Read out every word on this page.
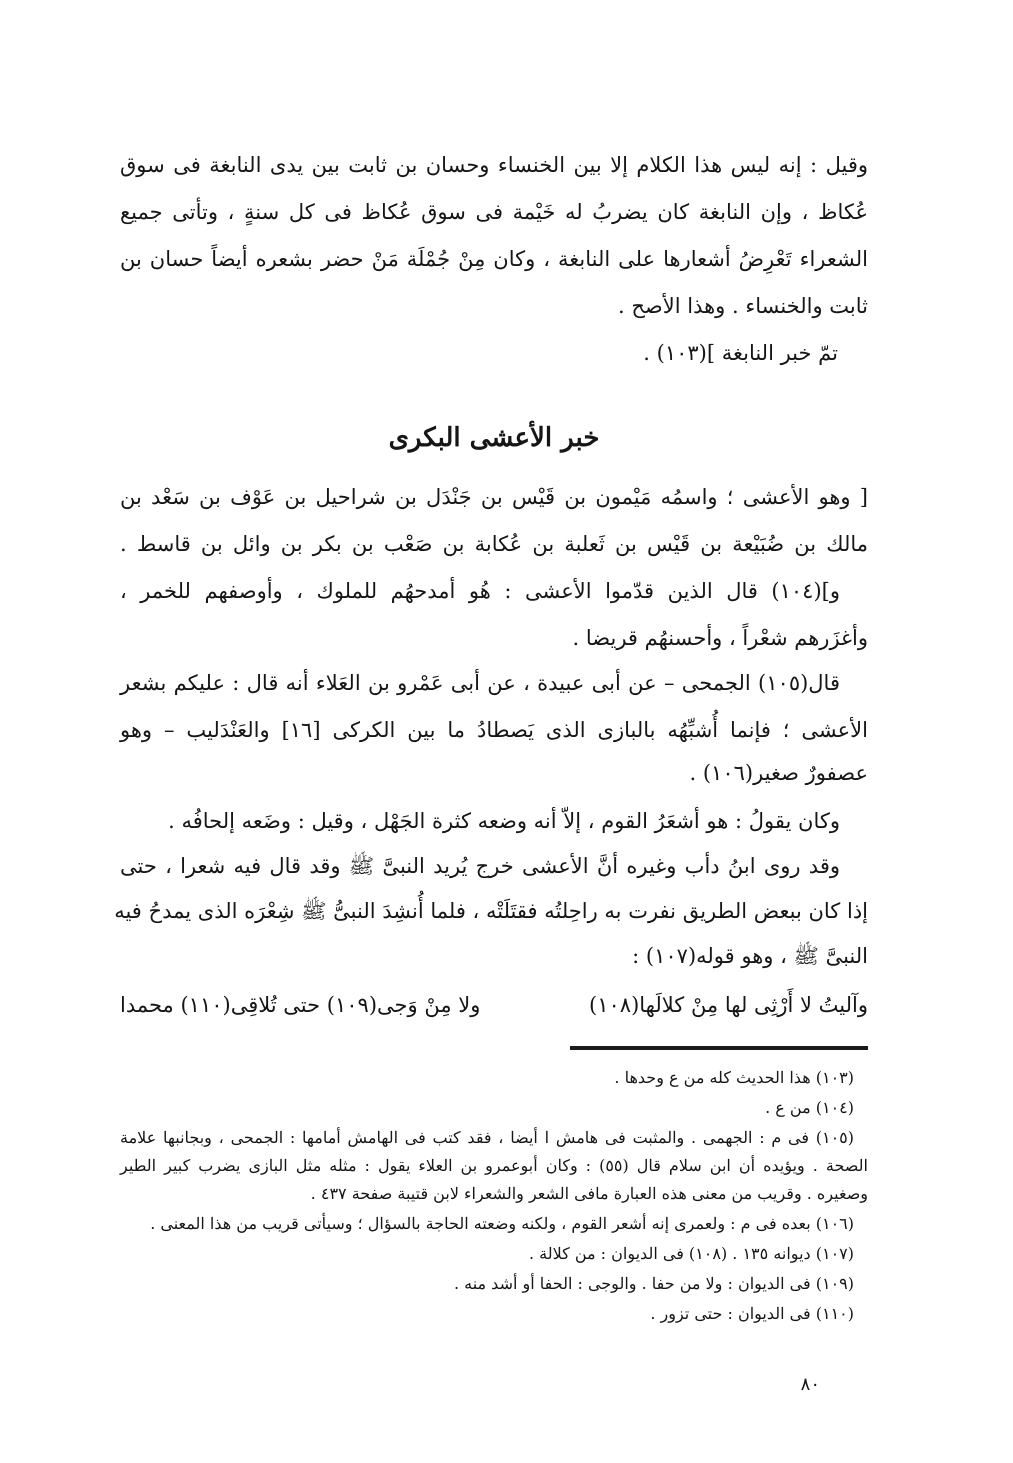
وقيل : إنه ليس هذا الكلام إلا بين الخنساء وحسان بن ثابت بين يدى النابغة فى سوق
عُكاظ ، وإن النابغة كان يضربُ له خَيْمة فى سوق عُكاظ فى كل سنةٍ ، وتأتى جميع
الشعراء تَعْرِضُ أشعارها على النابغة ، وكان مِنْ جُمْلَة مَنْ حضر بشعره أيضاً حسان بن
ثابت والخنساء . وهذا الأصح .
تمّ خبر النابغة ](١٠٣) .
خبر الأعشى البكرى
[ وهو الأعشى ؛ واسمُه مَيْمون بن قَيْس بن جَنْدَل بن شراحيل بن عَوْف بن سَعْد بن
مالك بن ضُبَيْعة بن قَيْس بن ثَعلبة بن عُكابة بن صَعْب بن بكر بن وائل بن قاسط .
و](١٠٤) قال الذين قدّموا الأعشى : هُو أمدحهُم للملوك ، وأوصفهم للخمر ،
وأغزَرهم شعْراً ، وأحسنهُم قريضا .
قال(١٠٥) الجمحى – عن أبى عبيدة ، عن أبى عَمْرو بن العَلاء أنه قال : عليكم بشعر
الأعشى ؛ فإنما أُشبِّهُه بالبازى الذى يَصطادُ ما بين الكركى [١٦] والعَنْدَليب – وهو
عصفورٌ صغير(١٠٦) .
وكان يقولُ : هو أشعَرُ القوم ، إلاّ أنه وضعه كثرة الجَهْل ، وقيل : وضَعه إلحافُه .
وقد روى ابنُ دأب وغيره أنَّ الأعشى خرج يُريد النبىَّ ﷺ وقد قال فيه شعرا ، حتى
إذا كان ببعض الطريق نفرت به راحِلتُه فقتَلَتْه ، فلما أُنشِدَ النبىُّ ﷺ شِعْرَه الذى يمدحُ فيه
النبىَّ ﷺ ، وهو قوله(١٠٧) :
وآليتُ لا أَرْثِى لها مِنْ كلالَها(١٠٨)
ولا مِنْ وَجى(١٠٩) حتى تُلاقِى(١١٠) محمدا
(١٠٣) هذا الحديث كله من ع وحدها .
(١٠٤) من ع .
(١٠٥) فى م : الجهمى . والمثبت فى هامش ا أيضا ، فقد كتب فى الهامش أمامها : الجمحى ، وبجانبها علامة
الصحة . ويؤيده أن ابن سلام قال (٥٥) : وكان أبوعمرو بن العلاء يقول : مثله مثل البازى يضرب كبير الطير
وصغيره . وقريب من معنى هذه العبارة مافى الشعر والشعراء لابن قتيبة صفحة ٤٣٧ .
(١٠٦) بعده فى م : ولعمرى إنه أشعر القوم ، ولكنه وضعته الحاجة بالسؤال ؛ وسيأتى قريب من هذا المعنى .
(١٠٧) ديوانه ١٣٥ . (١٠٨) فى الديوان : من كلالة .
(١٠٩) فى الديوان : ولا من حفا . والوجى : الحفا أو أشد منه .
(١١٠) فى الديوان : حتى تزور .
٨٠
